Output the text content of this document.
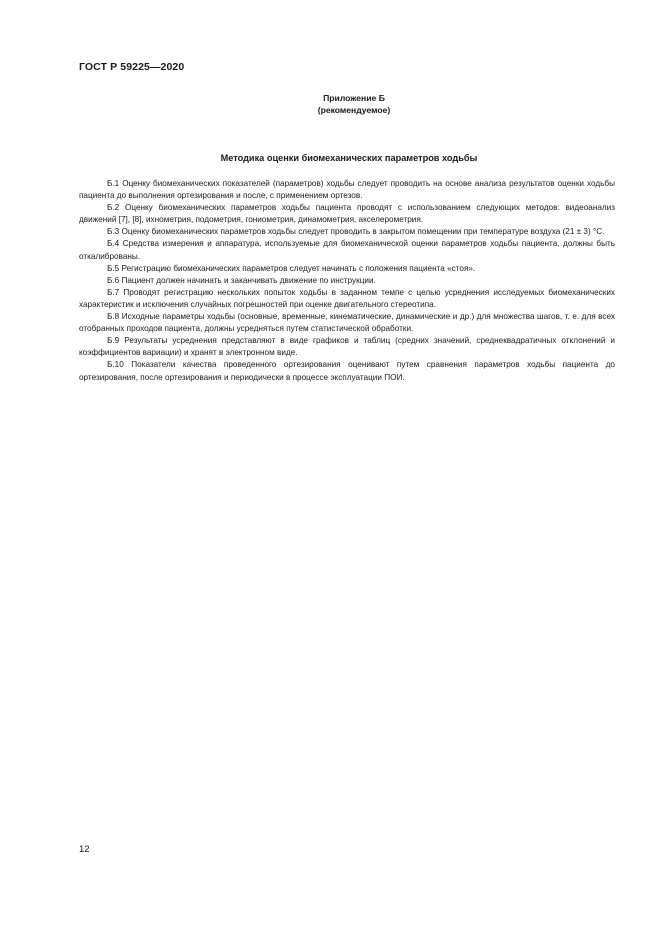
ГОСТ Р 59225—2020
Приложение Б
(рекомендуемое)
Методика оценки биомеханических параметров ходьбы

Б.1 Оценку биомеханических показателей (параметров) ходьбы следует проводить на основе анализа результатов оценки ходьбы пациента до выполнения ортезирования и после, с применением ортезов.

Б.2 Оценку биомеханических параметров ходьбы пациента проводят с использованием следующих методов: видеоанализ движений [7], [8], ихнометрия, подометрия, гониометрия, динамометрия, акселерометрия.

Б.3 Оценку биомеханических параметров ходьбы следует проводить в закрытом помещении при температуре воздуха (21 ± 3) °С.

Б.4 Средства измерения и аппаратура, используемые для биомеханической оценки параметров ходьбы пациента, должны быть откалиброваны.

Б.5 Регистрацию биомеханических параметров следует начинать с положения пациента «стоя».

Б.6 Пациент должен начинать и заканчивать движение по инструкции.

Б.7 Проводят регистрацию нескольких попыток ходьбы в заданном темпе с целью усреднения исследуемых биомеханических характеристик и исключения случайных погрешностей при оценке двигательного стереотипа.

Б.8 Исходные параметры ходьбы (основные, временные, кинематические, динамические и др.) для множества шагов, т. е. для всех отобранных проходов пациента, должны усредняться путем статистической обработки.

Б.9 Результаты усреднения представляют в виде графиков и таблиц (средних значений, среднеквадратичных отклонений и коэффициентов вариации) и хранят в электронном виде.

Б.10 Показатели качества проведенного ортезирования оценивают путем сравнения параметров ходьбы пациента до ортезирования, после ортезирования и периодически в процессе эксплуатации ПОИ.

12
